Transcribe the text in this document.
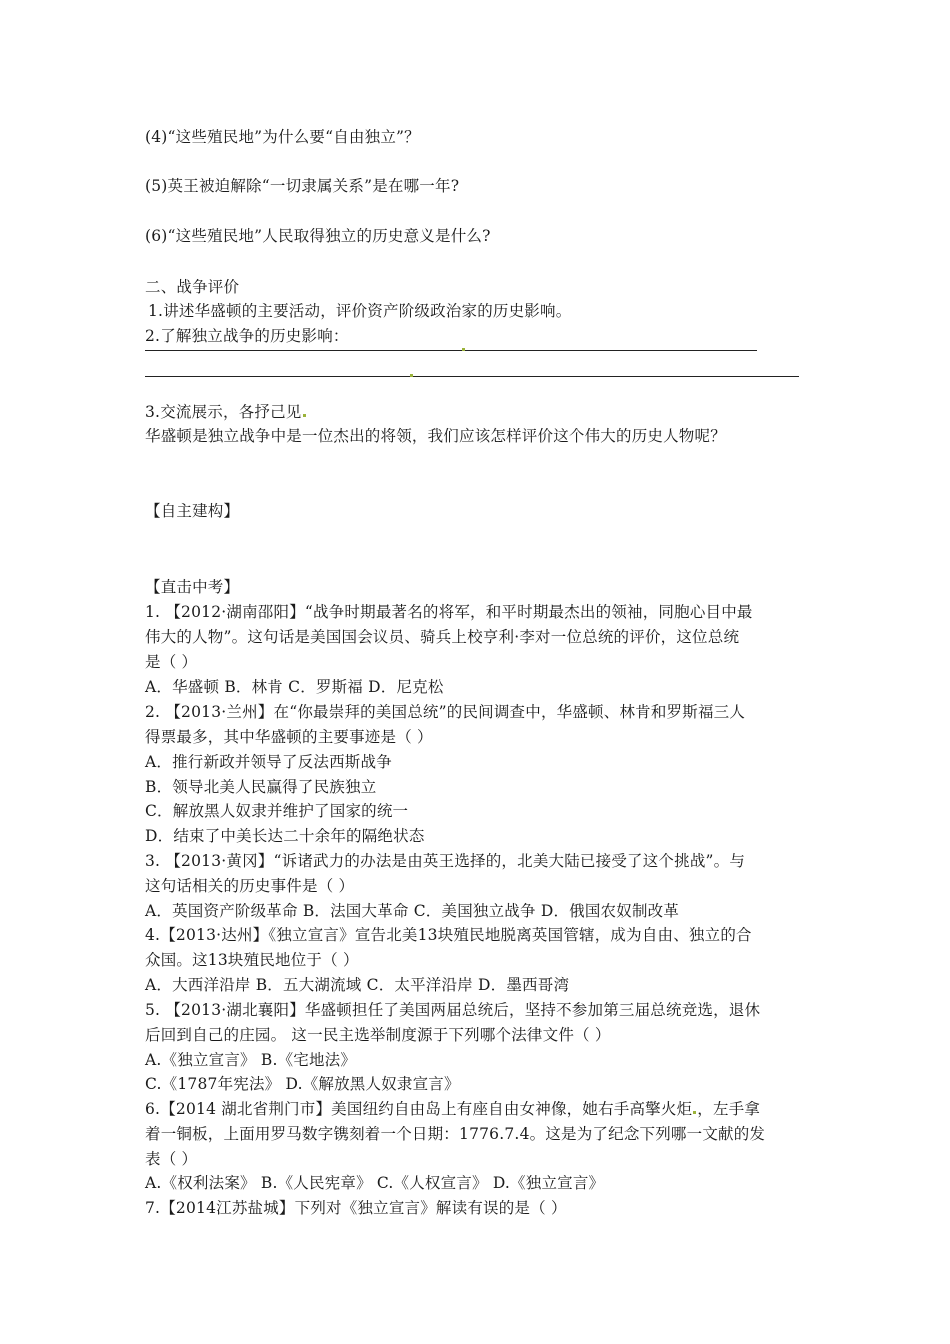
(4)“这些殖民地”为什么要“自由独立”？
(5)英王被迫解除“一切隶属关系”是在哪一年?
(6)“这些殖民地”人民取得独立的历史意义是什么?
二、战争评价
1.讲述华盛顿的主要活动，评价资产阶级政治家的历史影响。
2.了解独立战争的历史影响：
3.交流展示，各抒己见
华盛顿是独立战争中是一位杰出的将领，我们应该怎样评价这个伟大的历史人物呢？
【自主建构】
【直击中考】
1. 【2012·湖南邵阳】“战争时期最著名的将军，和平时期最杰出的领袖，同胞心目中最
伟大的人物”。这句话是美国国会议员、骑兵上校亨利·李对一位总统的评价，这位总统
是（ ）
A．华盛顿 B．林肯 C．罗斯福 D．尼克松
2. 【2013·兰州】在“你最崇拜的美国总统”的民间调查中，华盛顿、林肯和罗斯福三人
得票最多，其中华盛顿的主要事迹是（ ）
A．推行新政并领导了反法西斯战争
B．领导北美人民赢得了民族独立
C．解放黑人奴隶并维护了国家的统一
D．结束了中美长达二十余年的隔绝状态
3. 【2013·黄冈】“诉诸武力的办法是由英王选择的，北美大陆已接受了这个挑战”。与
这句话相关的历史事件是（ ）
A．英国资产阶级革命 B．法国大革命 C．美国独立战争 D．俄国农奴制改革
4.【2013·达州】《独立宣言》宣告北美13块殖民地脱离英国管辖，成为自由、独立的合
众国。这13块殖民地位于（ ）
A．大西洋沿岸 B．五大湖流域 C．太平洋沿岸 D．墨西哥湾
5. 【2013·湖北襄阳】华盛顿担任了美国两届总统后，坚持不参加第三届总统竞选，退休
后回到自己的庄园。 这一民主选举制度源于下列哪个法律文件（ ）
A.《独立宣言》 B.《宅地法》
C.《1787年宪法》 D.《解放黑人奴隶宣言》
6.【2014 湖北省荆门市】美国纽约自由岛上有座自由女神像，她右手高擎火炬 ，左手拿
着一铜板，上面用罗马数字镌刻着一个日期：1776.7.4。这是为了纪念下列哪一文献的发
表（ ）
A.《权利法案》 B.《人民宪章》 C.《人权宣言》 D.《独立宣言》
7.【2014江苏盐城】下列对《独立宣言》解读有误的是（ ）
